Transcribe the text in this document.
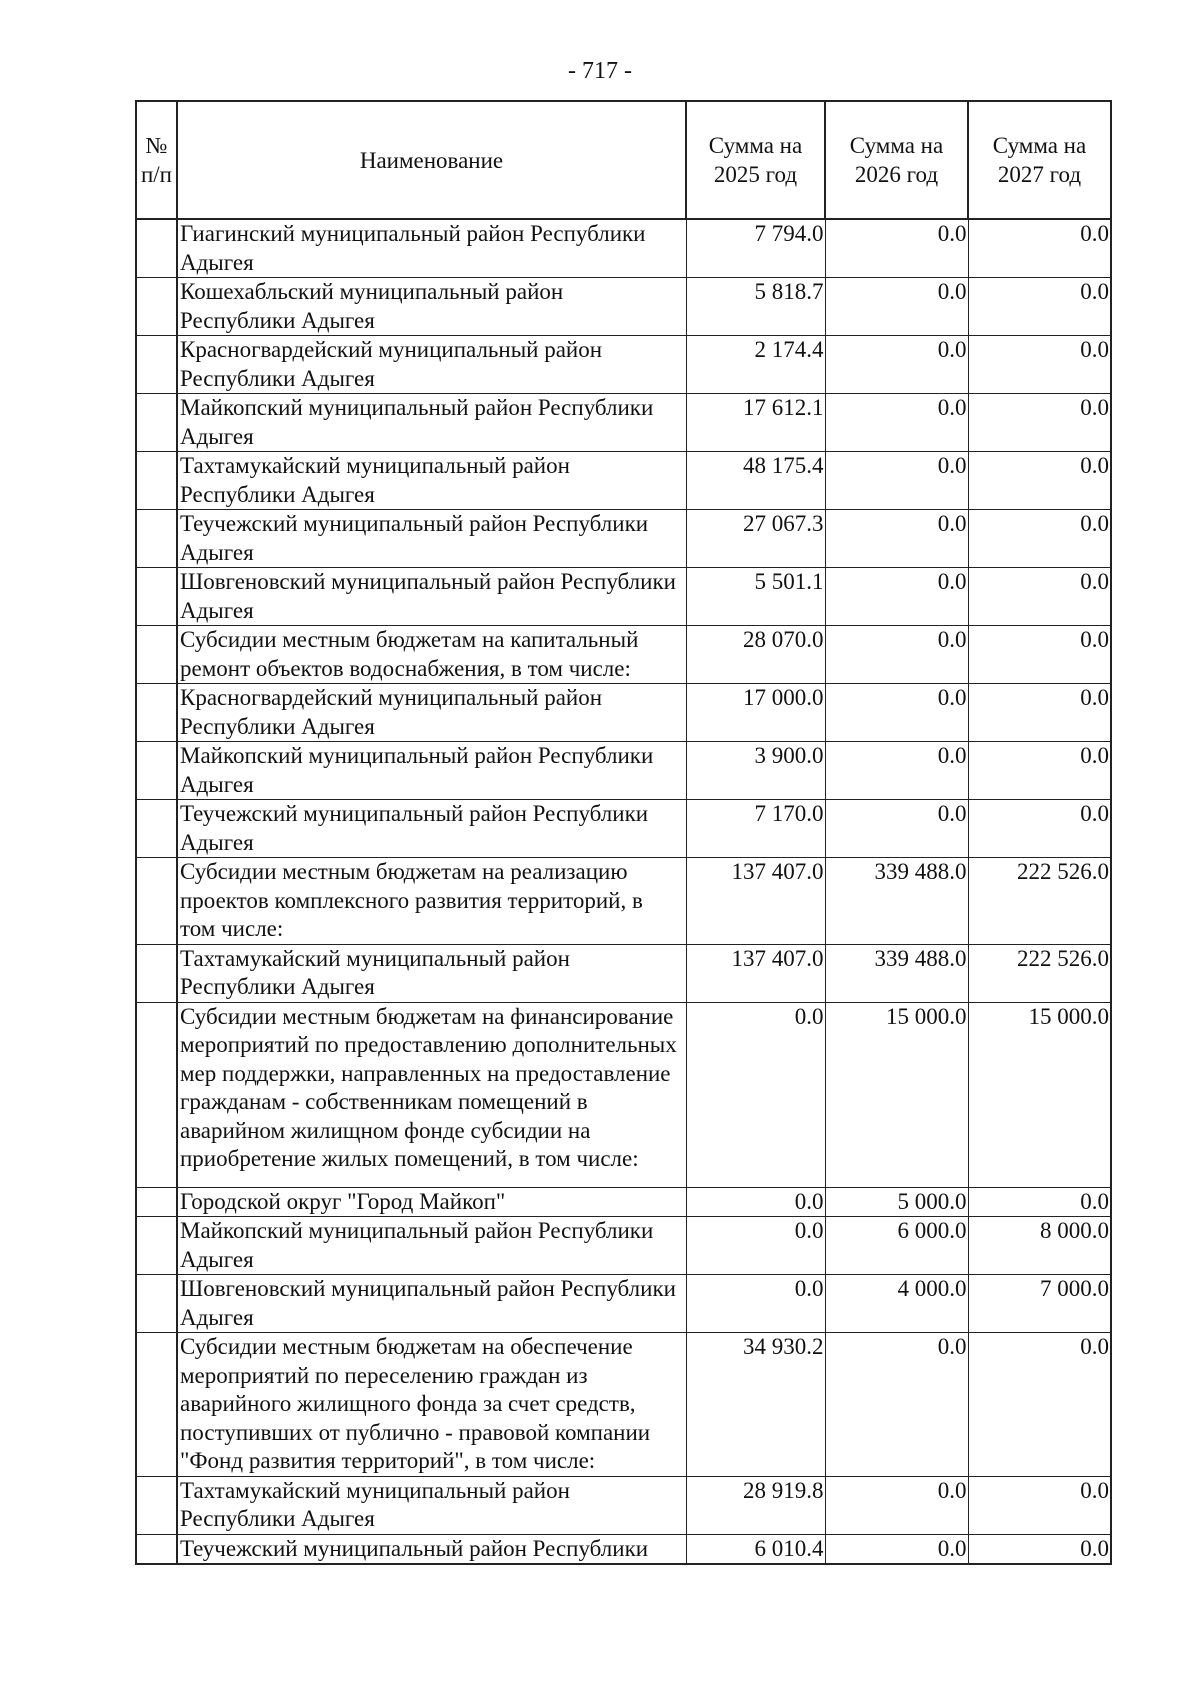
- 717 -
№ п/п	Наименование	Сумма на 2025 год	Сумма на 2026 год	Сумма на 2027 год
	Гиагинский муниципальный район Республики Адыгея	7 794.0	0.0	0.0
	Кошехабльский муниципальный район Республики Адыгея	5 818.7	0.0	0.0
	Красногвардейский муниципальный район Республики Адыгея	2 174.4	0.0	0.0
	Майкопский муниципальный район Республики Адыгея	17 612.1	0.0	0.0
	Тахтамукайский муниципальный район Республики Адыгея	48 175.4	0.0	0.0
	Теучежский муниципальный район Республики Адыгея	27 067.3	0.0	0.0
	Шовгеновский муниципальный район Республики Адыгея	5 501.1	0.0	0.0
	Субсидии местным бюджетам на капитальный ремонт объектов водоснабжения, в том числе:	28 070.0	0.0	0.0
	Красногвардейский муниципальный район Республики Адыгея	17 000.0	0.0	0.0
	Майкопский муниципальный район Республики Адыгея	3 900.0	0.0	0.0
	Теучежский муниципальный район Республики Адыгея	7 170.0	0.0	0.0
	Субсидии местным бюджетам на реализацию проектов комплексного развития территорий, в том числе:	137 407.0	339 488.0	222 526.0
	Тахтамукайский муниципальный район Республики Адыгея	137 407.0	339 488.0	222 526.0
	Субсидии местным бюджетам на финансирование мероприятий по предоставлению дополнительных мер поддержки, направленных на предоставление гражданам - собственникам помещений в аварийном жилищном фонде субсидии на приобретение жилых помещений, в том числе:	0.0	15 000.0	15 000.0
	Городской округ "Город Майкоп"	0.0	5 000.0	0.0
	Майкопский муниципальный район Республики Адыгея	0.0	6 000.0	8 000.0
	Шовгеновский муниципальный район Республики Адыгея	0.0	4 000.0	7 000.0
	Субсидии местным бюджетам на обеспечение мероприятий по переселению граждан из аварийного жилищного фонда за счет средств, поступивших от публично - правовой компании "Фонд развития территорий", в том числе:	34 930.2	0.0	0.0
	Тахтамукайский муниципальный район Республики Адыгея	28 919.8	0.0	0.0
	Теучежский муниципальный район Республики	6 010.4	0.0	0.0
